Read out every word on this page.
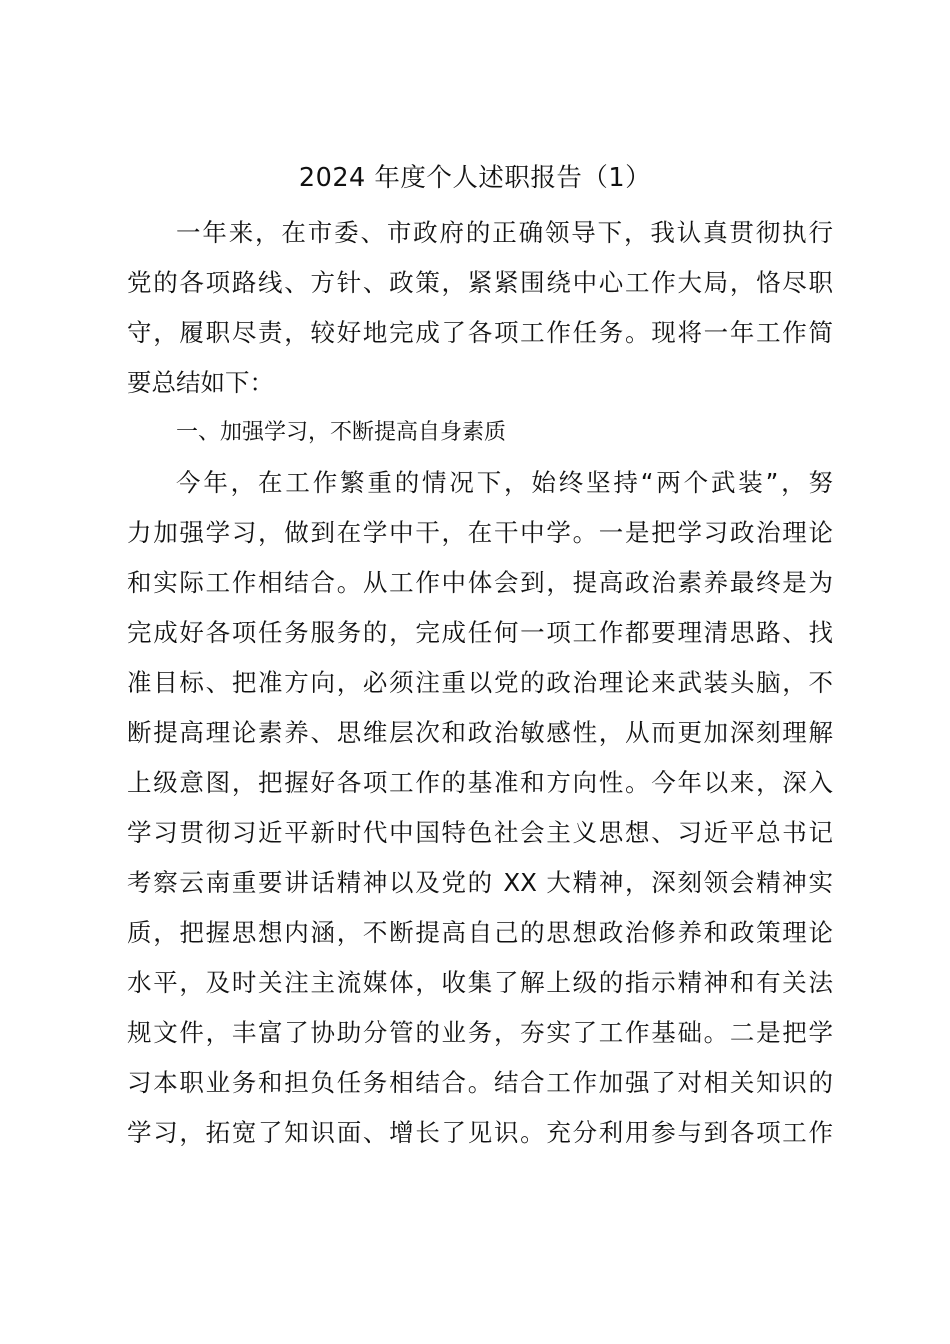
2024 年度个人述职报告（1）
一年来，在市委、市政府的正确领导下，我认真贯彻执行
党的各项路线、方针、政策，紧紧围绕中心工作大局，恪尽职
守，履职尽责，较好地完成了各项工作任务。现将一年工作简
要总结如下：
一、加强学习，不断提高自身素质
今年，在工作繁重的情况下，始终坚持“两个武装”，努
力加强学习，做到在学中干，在干中学。一是把学习政治理论
和实际工作相结合。从工作中体会到，提高政治素养最终是为
完成好各项任务服务的，完成任何一项工作都要理清思路、找
准目标、把准方向，必须注重以党的政治理论来武装头脑，不
断提高理论素养、思维层次和政治敏感性，从而更加深刻理解
上级意图，把握好各项工作的基准和方向性。今年以来，深入
学习贯彻习近平新时代中国特色社会主义思想、习近平总书记
考察云南重要讲话精神以及党的 XX 大精神，深刻领会精神实
质，把握思想内涵，不断提高自己的思想政治修养和政策理论
水平，及时关注主流媒体，收集了解上级的指示精神和有关法
规文件，丰富了协助分管的业务，夯实了工作基础。二是把学
习本职业务和担负任务相结合。结合工作加强了对相关知识的
学习，拓宽了知识面、增长了见识。充分利用参与到各项工作
